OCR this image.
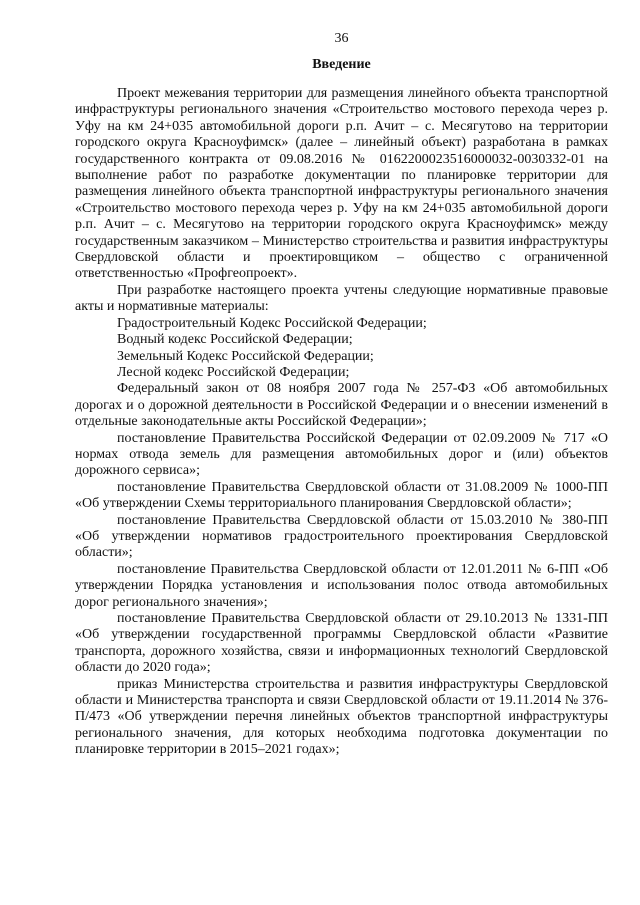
36
Введение

Проект межевания территории для размещения линейного объекта транспортной инфраструктуры регионального значения «Строительство мостового перехода через р. Уфу на км 24+035 автомобильной дороги р.п. Ачит – с. Месягутово на территории городского округа Красноуфимск» (далее – линейный объект) разработана в рамках государственного контракта от 09.08.2016 № 0162200023516000032-0030332-01 на выполнение работ по разработке документации по планировке территории для размещения линейного объекта транспортной инфраструктуры регионального значения «Строительство мостового перехода через р. Уфу на км 24+035 автомобильной дороги р.п. Ачит – с. Месягутово на территории городского округа Красноуфимск» между государственным заказчиком – Министерство строительства и развития инфраструктуры Свердловской области и проектировщиком – общество с ограниченной ответственностью «Профгеопроект».

При разработке настоящего проекта учтены следующие нормативные правовые акты и нормативные материалы:

Градостроительный Кодекс Российской Федерации;

Водный кодекс Российской Федерации;

Земельный Кодекс Российской Федерации;

Лесной кодекс Российской Федерации;

Федеральный закон от 08 ноября 2007 года № 257-ФЗ «Об автомобильных дорогах и о дорожной деятельности в Российской Федерации и о внесении изменений в отдельные законодательные акты Российской Федерации»;

постановление Правительства Российской Федерации от 02.09.2009 № 717 «О нормах отвода земель для размещения автомобильных дорог и (или) объектов дорожного сервиса»;

постановление Правительства Свердловской области от 31.08.2009 № 1000-ПП «Об утверждении Схемы территориального планирования Свердловской области»;

постановление Правительства Свердловской области от 15.03.2010 № 380-ПП «Об утверждении нормативов градостроительного проектирования Свердловской области»;

постановление Правительства Свердловской области от 12.01.2011 № 6-ПП «Об утверждении Порядка установления и использования полос отвода автомобильных дорог регионального значения»;

постановление Правительства Свердловской области от 29.10.2013 № 1331-ПП «Об утверждении государственной программы Свердловской области «Развитие транспорта, дорожного хозяйства, связи и информационных технологий Свердловской области до 2020 года»;

приказ Министерства строительства и развития инфраструктуры Свердловской области и Министерства транспорта и связи Свердловской области от 19.11.2014 № 376-П/473 «Об утверждении перечня линейных объектов транспортной инфраструктуры регионального значения, для которых необходима подготовка документации по планировке территории в 2015–2021 годах»;
